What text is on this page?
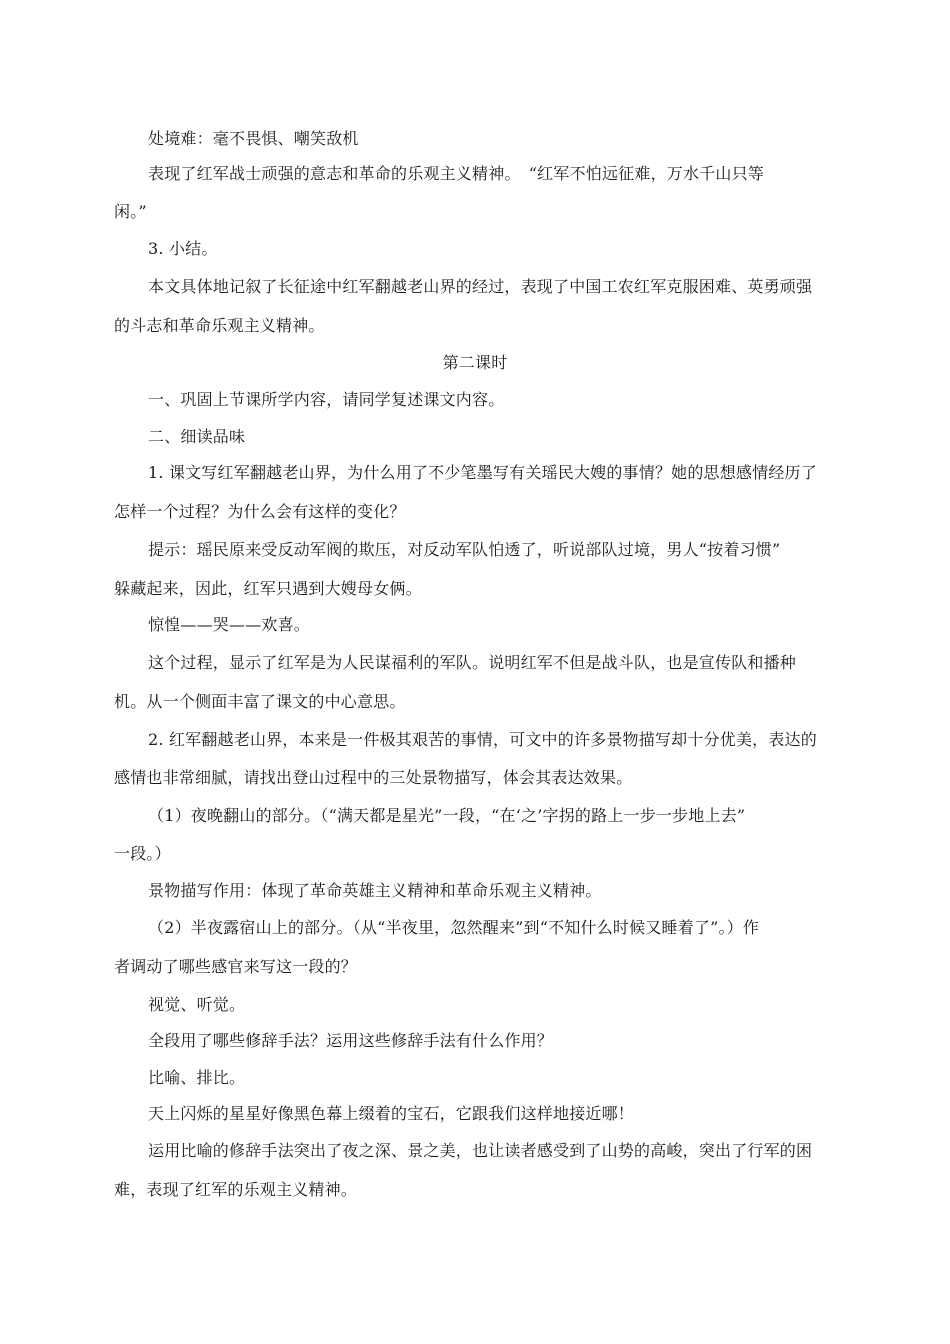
处境难：毫不畏惧、嘲笑敌机
表现了红军战士顽强的意志和革命的乐观主义精神。　“红军不怕远征难，万水千山只等
闲。”
3. 小结。
本文具体地记叙了长征途中红军翻越老山界的经过，表现了中国工农红军克服困难、英勇顽强
的斗志和革命乐观主义精神。
第二课时
一、巩固上节课所学内容，请同学复述课文内容。
二、细读品味
1. 课文写红军翻越老山界，为什么用了不少笔墨写有关瑶民大嫂的事情？她的思想感情经历了
怎样一个过程？为什么会有这样的变化？
提示：瑶民原来受反动军阀的欺压，对反动军队怕透了，听说部队过境，男人“按着习惯”
躲藏起来，因此，红军只遇到大嫂母女俩。
惊惶——哭——欢喜。
这个过程，显示了红军是为人民谋福利的军队。说明红军不但是战斗队，也是宣传队和播种
机。从一个侧面丰富了课文的中心意思。
2. 红军翻越老山界，本来是一件极其艰苦的事情，可文中的许多景物描写却十分优美，表达的
感情也非常细腻，请找出登山过程中的三处景物描写，体会其表达效果。
（1）夜晚翻山的部分。（“满天都是星光”一段，“在‘之’字拐的路上一步一步地上去”
一段。）
景物描写作用：体现了革命英雄主义精神和革命乐观主义精神。
（2）半夜露宿山上的部分。（从“半夜里，忽然醒来”到“不知什么时候又睡着了”。）作
者调动了哪些感官来写这一段的？
视觉、听觉。
全段用了哪些修辞手法？运用这些修辞手法有什么作用？
比喻、排比。
天上闪烁的星星好像黑色幕上缀着的宝石，它跟我们这样地接近哪！
运用比喻的修辞手法突出了夜之深、景之美，也让读者感受到了山势的高峻，突出了行军的困
难，表现了红军的乐观主义精神。
